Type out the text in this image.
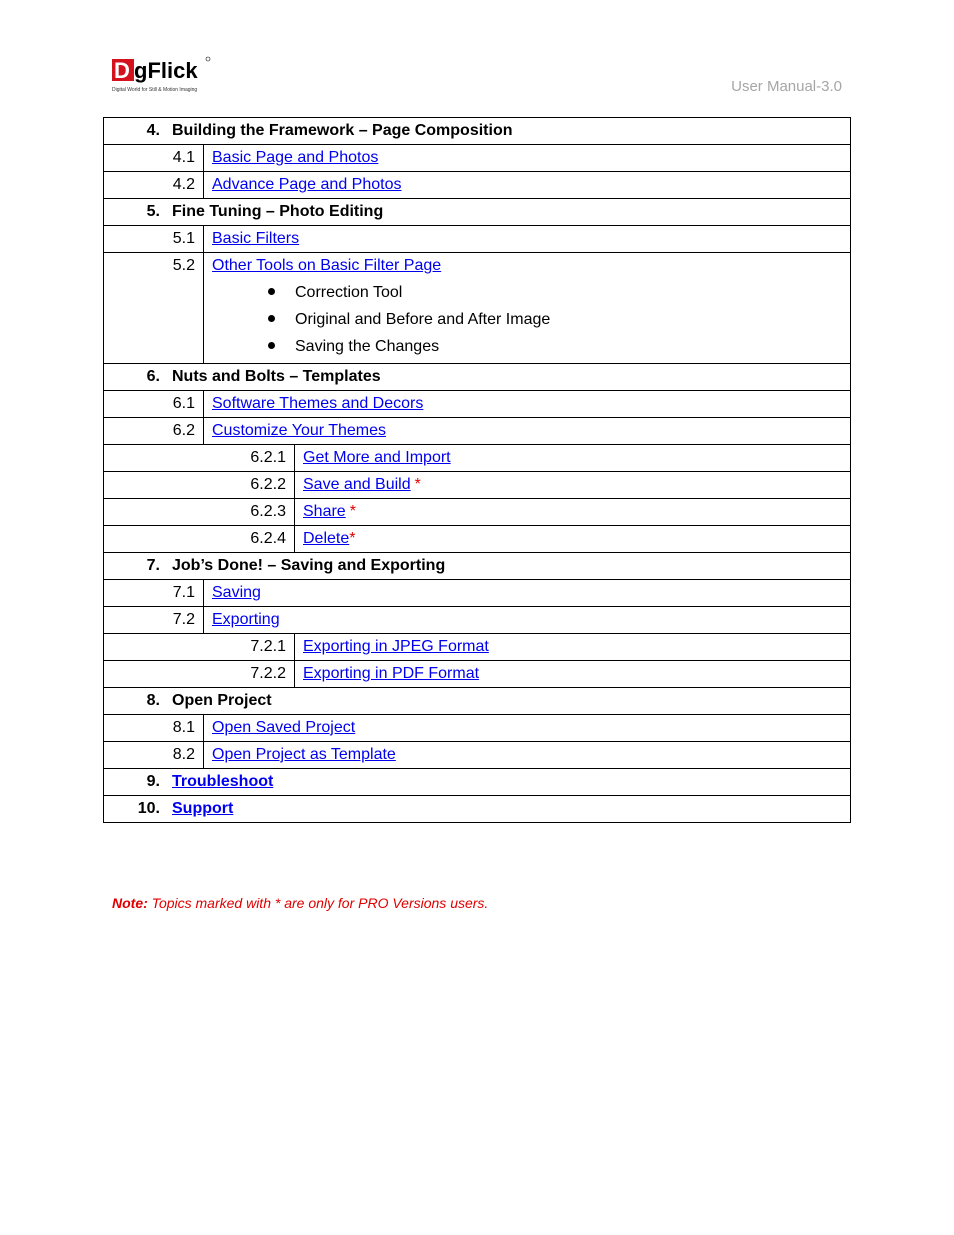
D gFlick
Digital World for Still & Motion Imaging	User Manual-3.0
4. Building the Framework – Page Composition
4.1	Basic Page and Photos
4.2	Advance Page and Photos
5. Fine Tuning – Photo Editing
5.1	Basic Filters
5.2	Other Tools on Basic Filter Page
Correction Tool
Original and Before and After Image
Saving the Changes
6. Nuts and Bolts – Templates
6.1	Software Themes and Decors
6.2	Customize Your Themes
6.2.1	Get More and Import
6.2.2	Save and Build *
6.2.3	Share *
6.2.4	Delete *
7. Job’s Done! – Saving and Exporting
7.1	Saving
7.2	Exporting
7.2.1	Exporting in JPEG Format
7.2.2	Exporting in PDF Format
8. Open Project
8.1	Open Saved Project
8.2	Open Project as Template
9. Troubleshoot
10. Support
Note: Topics marked with * are only for PRO Versions users.
